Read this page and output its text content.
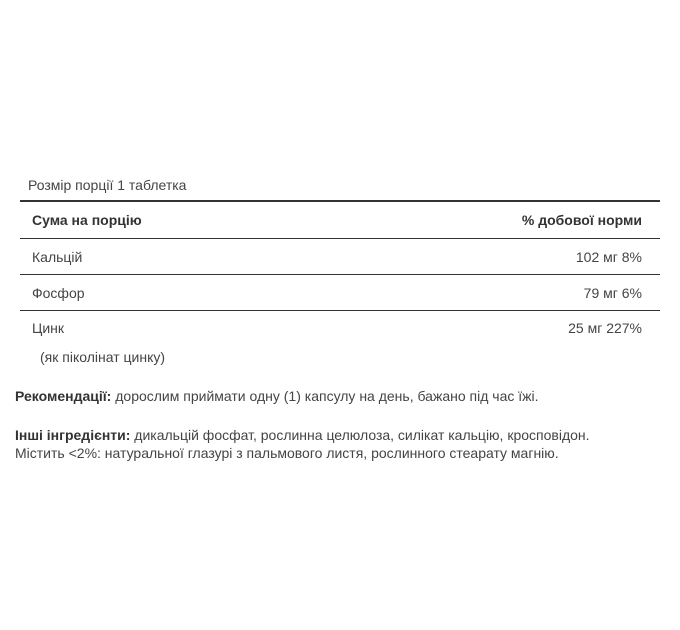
Розмір порції 1 таблетка
Сума на порцію	% добової норми
Кальцій	102 мг 8%
Фосфор	79 мг 6%
Цинк	25 мг 227%
(як піколінат цинку)
Рекомендації: дорослим приймати одну (1) капсулу на день, бажано під час їжі.
Інші інгредієнти: дикальцій фосфат, рослинна целюлоза, силікат кальцію, кросповідон.
Містить <2%: натуральної глазурі з пальмового листя, рослинного стеарату магнію.
